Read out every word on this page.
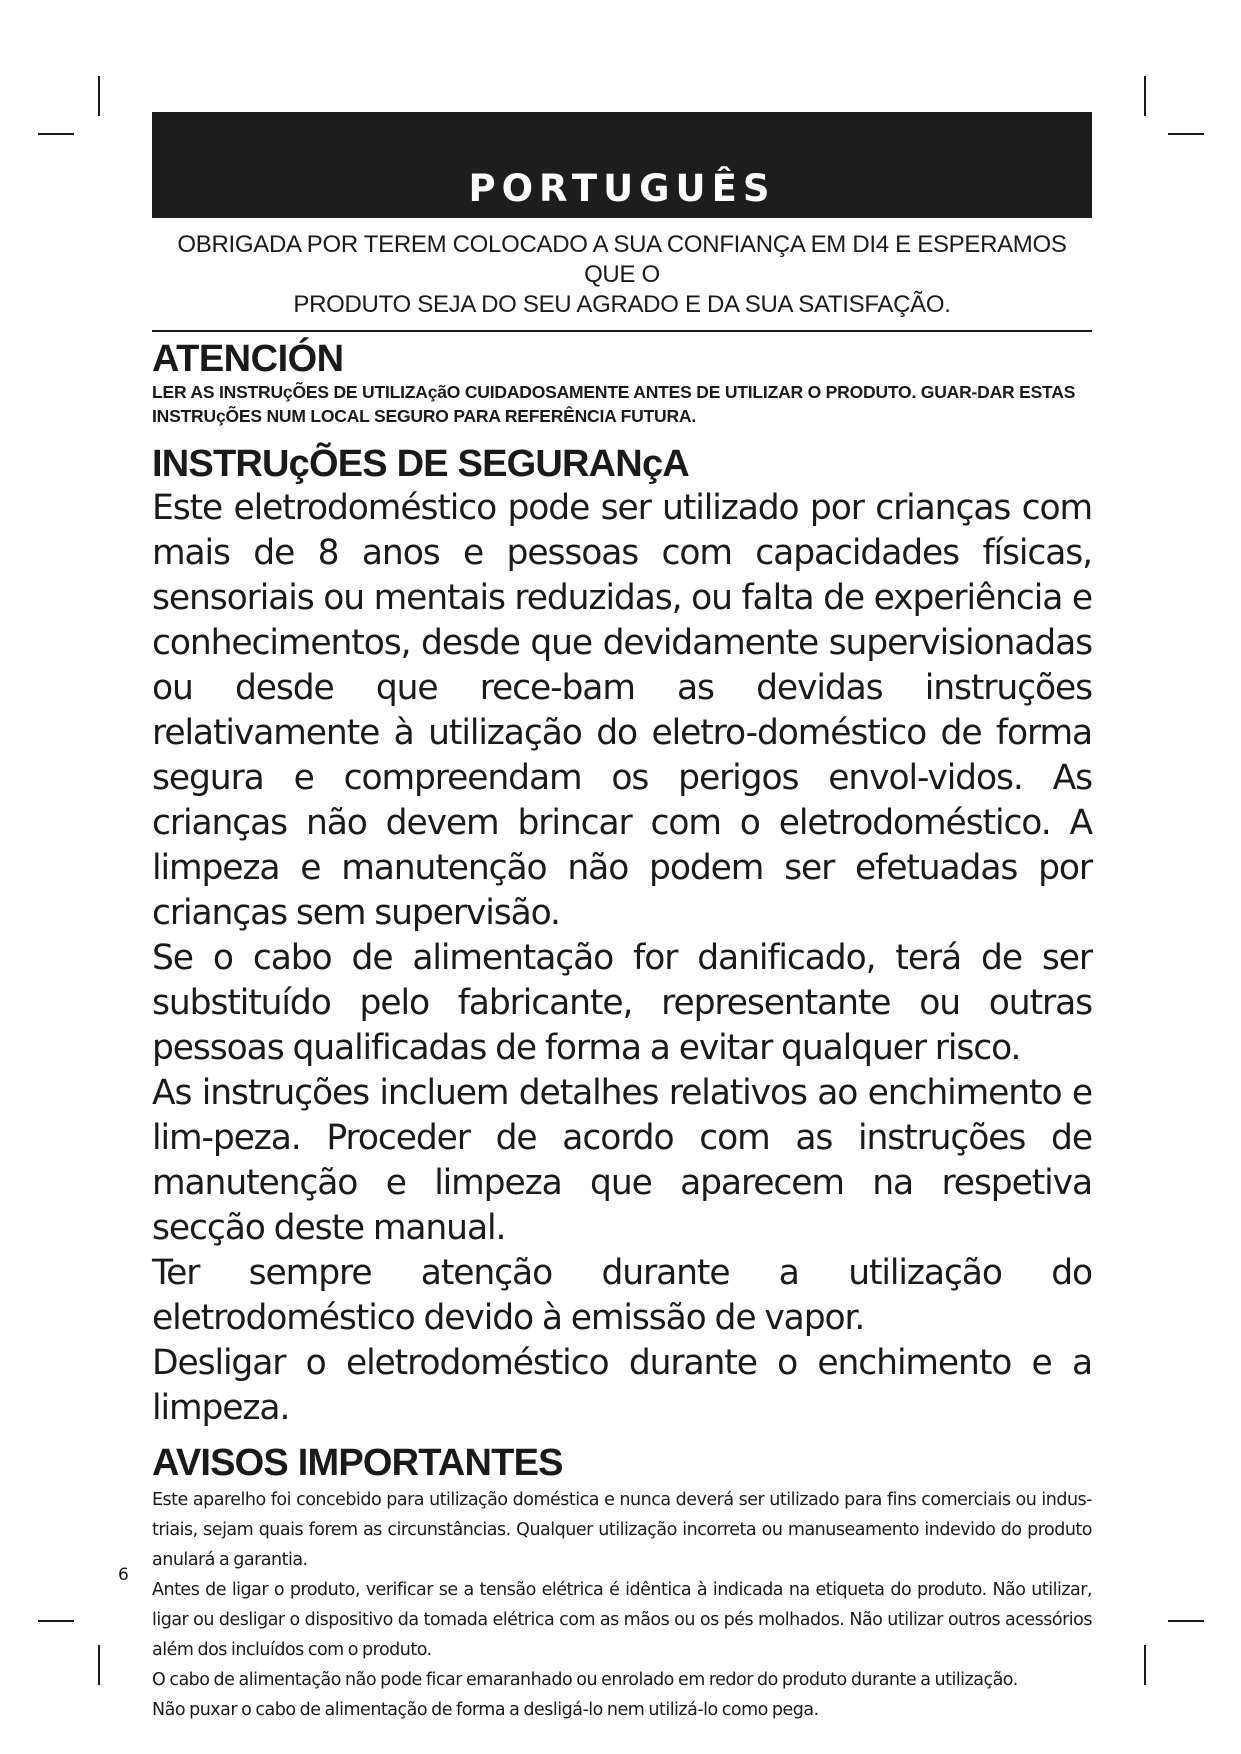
PORTUGUÊS
OBRIGADA POR TEREM COLOCADO A SUA CONFIANÇA EM DI4 E ESPERAMOS QUE O
PRODUTO SEJA DO SEU AGRADO E DA SUA SATISFAÇÃO.
ATENCIÓN
LER AS INSTRUçÕES DE UTILIZAçãO CUIDADOSAMENTE ANTES DE UTILIZAR O PRODUTO. GUAR-DAR ESTAS INSTRUçÕES NUM LOCAL SEGURO PARA REFERÊNCIA FUTURA.
INSTRUçÕES DE SEGURANçA

Este eletrodoméstico pode ser utilizado por crianças com mais de 8 anos e pessoas com capacidades físicas, sensoriais ou mentais reduzidas, ou falta de experiência e conhecimentos, desde que devidamente supervisionadas ou desde que rece-bam as devidas instruções relativamente à utilização do eletro-doméstico de forma segura e compreendam os perigos envol-vidos. As crianças não devem brincar com o eletrodoméstico. A limpeza e manutenção não podem ser efetuadas por crianças sem supervisão.

Se o cabo de alimentação for danificado, terá de ser substituído pelo fabricante, representante ou outras pessoas qualificadas de forma a evitar qualquer risco.

As instruções incluem detalhes relativos ao enchimento e lim-peza. Proceder de acordo com as instruções de manutenção e limpeza que aparecem na respetiva secção deste manual.

Ter sempre atenção durante a utilização do eletrodoméstico devido à emissão de vapor.

Desligar o eletrodoméstico durante o enchimento e a limpeza.

AVISOS IMPORTANTES

Este aparelho foi concebido para utilização doméstica e nunca deverá ser utilizado para fins comerciais ou indus-triais, sejam quais forem as circunstâncias. Qualquer utilização incorreta ou manuseamento indevido do produto anulará a garantia.

Antes de ligar o produto, verificar se a tensão elétrica é idêntica à indicada na etiqueta do produto. Não utilizar, ligar ou desligar o dispositivo da tomada elétrica com as mãos ou os pés molhados. Não utilizar outros acessórios além dos incluídos com o produto.

O cabo de alimentação não pode ficar emaranhado ou enrolado em redor do produto durante a utilização.

Não puxar o cabo de alimentação de forma a desligá-lo nem utilizá-lo como pega.

6
